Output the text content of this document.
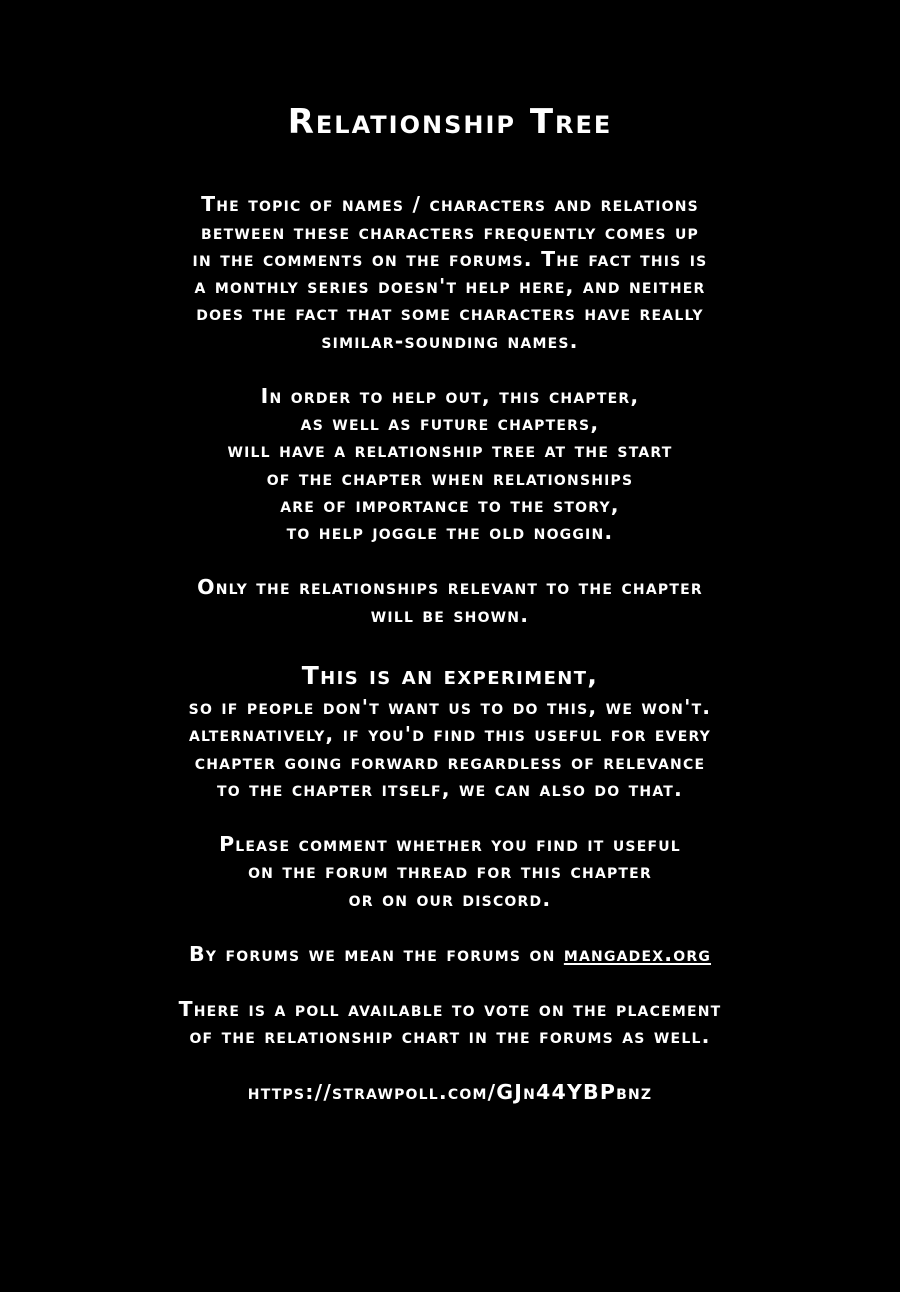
Relationship Tree
The topic of names / characters and relations
between these characters frequently comes up
in the comments on the forums. The fact this is
a monthly series doesn't help here, and neither
does the fact that some characters have really
similar-sounding names.
In order to help out, this chapter,
as well as future chapters,
will have a relationship tree at the start
of the chapter when relationships
are of importance to the story,
to help joggle the old noggin.
Only the relationships relevant to the chapter
will be shown.
This is an experiment,
so if people don't want us to do this, we won't.
alternatively, if you'd find this useful for every
chapter going forward regardless of relevance
to the chapter itself, we can also do that.
Please comment whether you find it useful
on the forum thread for this chapter
or on our discord.
By forums we mean the forums on mangadex.org
There is a poll available to vote on the placement
of the relationship chart in the forums as well.
https://strawpoll.com/GJn44YBPbnz
